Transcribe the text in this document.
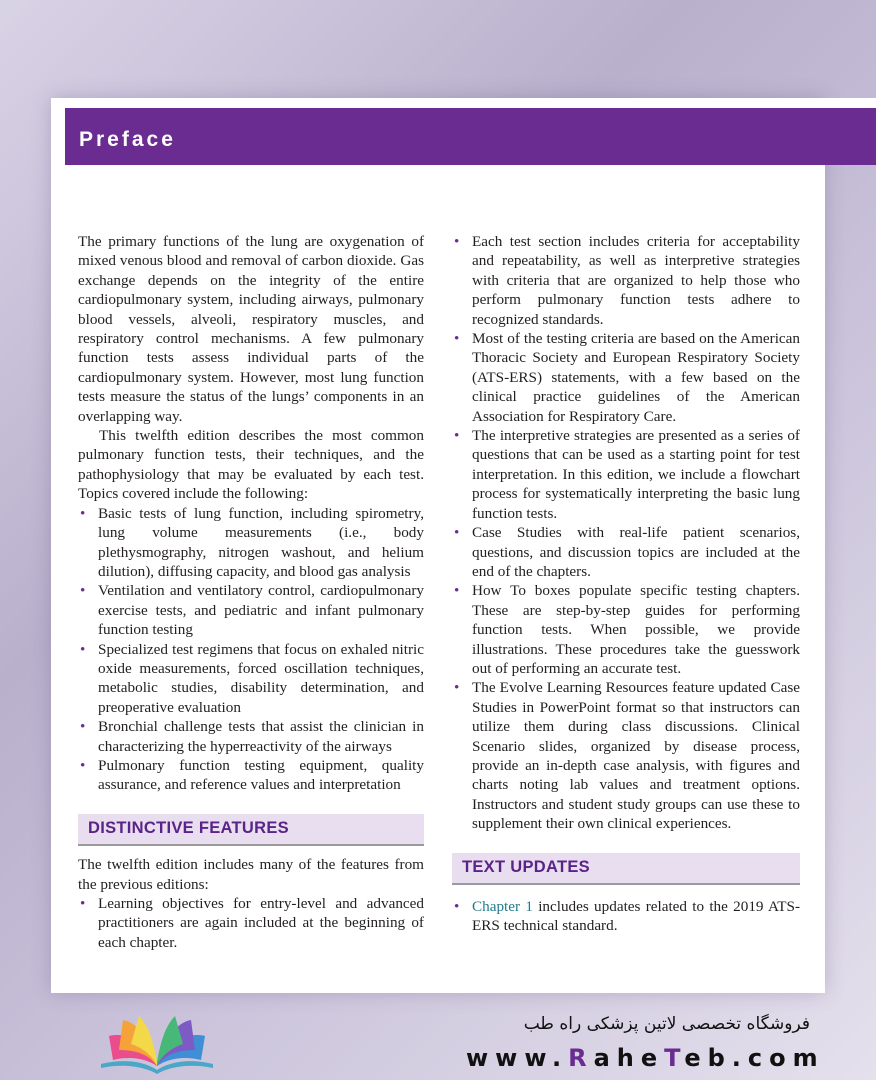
Preface

The primary functions of the lung are oxygenation of mixed venous blood and removal of carbon dioxide. Gas exchange depends on the integrity of the entire cardiopulmonary system, including airways, pulmonary blood vessels, alveoli, respiratory muscles, and respiratory control mechanisms. A few pulmonary function tests assess individual parts of the cardiopulmonary system. However, most lung function tests measure the status of the lungs’ components in an overlapping way.

This twelfth edition describes the most common pulmonary function tests, their techniques, and the pathophysiology that may be evaluated by each test. Topics covered include the following:

• Basic tests of lung function, including spirometry, lung volume measurements (i.e., body plethysmography, nitrogen washout, and helium dilution), diffusing capacity, and blood gas analysis
• Ventilation and ventilatory control, cardiopulmonary exercise tests, and pediatric and infant pulmonary function testing
• Specialized test regimens that focus on exhaled nitric oxide measurements, forced oscillation techniques, metabolic studies, disability determination, and preoperative evaluation
• Bronchial challenge tests that assist the clinician in characterizing the hyperreactivity of the airways
• Pulmonary function testing equipment, quality assurance, and reference values and interpretation
DISTINCTIVE FEATURES

The twelfth edition includes many of the features from the previous editions:

• Learning objectives for entry-level and advanced practitioners are again included at the beginning of each chapter.
• Each test section includes criteria for acceptability and repeatability, as well as interpretive strategies with criteria that are organized to help those who perform pulmonary function tests adhere to recognized standards.
• Most of the testing criteria are based on the American Thoracic Society and European Respiratory Society (ATS-ERS) statements, with a few based on the clinical practice guidelines of the American Association for Respiratory Care.
• The interpretive strategies are presented as a series of questions that can be used as a starting point for test interpretation. In this edition, we include a flowchart process for systematically interpreting the basic lung function tests.
• Case Studies with real-life patient scenarios, questions, and discussion topics are included at the end of the chapters.
• How To boxes populate specific testing chapters. These are step-by-step guides for performing function tests. When possible, we provide illustrations. These procedures take the guesswork out of performing an accurate test.
• The Evolve Learning Resources feature updated Case Studies in PowerPoint format so that instructors can utilize them during class discussions. Clinical Scenario slides, organized by disease process, provide an in-depth case analysis, with figures and charts noting lab values and treatment options. Instructors and student study groups can use these to supplement their own clinical experiences.
TEXT UPDATES
• Chapter 1 includes updates related to the 2019 ATS-ERS technical standard.
فروشگاه تخصصی لاتین پزشکی راه طب
www.RaheTeb.com
